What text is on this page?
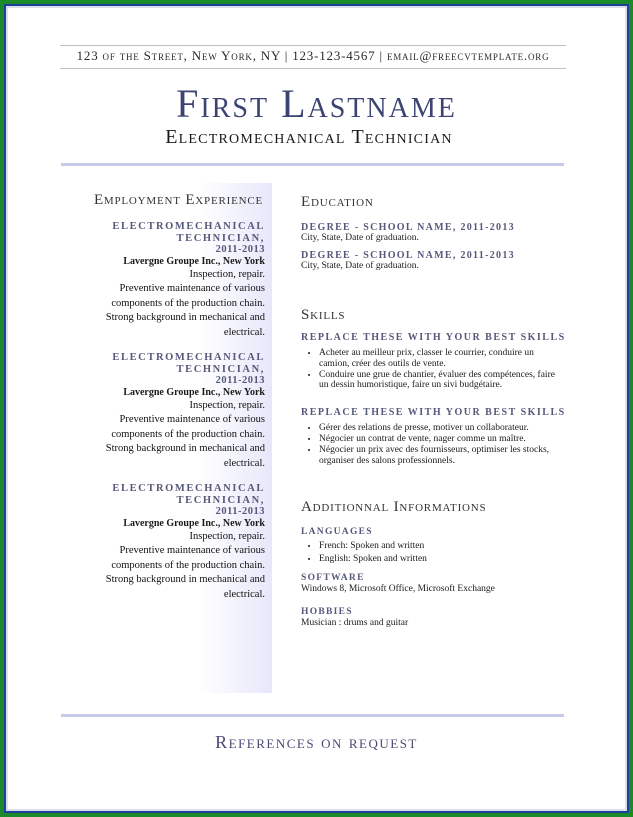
123 of the Street, New York, NY | 123-123-4567 | email@freecvtemplate.org
First Lastname
Electromechanical Technician
Employment Experience
ELECTROMECHANICAL
TECHNICIAN,
2011-2013
Lavergne Groupe Inc., New York
Inspection, repair.
Preventive maintenance of various
components of the production chain.
Strong background in mechanical and
electrical.
ELECTROMECHANICAL
TECHNICIAN,
2011-2013
Lavergne Groupe Inc., New York
Inspection, repair.
Preventive maintenance of various
components of the production chain.
Strong background in mechanical and
electrical.
ELECTROMECHANICAL
TECHNICIAN,
2011-2013
Lavergne Groupe Inc., New York
Inspection, repair.
Preventive maintenance of various
components of the production chain.
Strong background in mechanical and
electrical.
Education
DEGREE - SCHOOL NAME, 2011-2013
City, State, Date of graduation.
DEGREE - SCHOOL NAME, 2011-2013
City, State, Date of graduation.
Skills
REPLACE THESE WITH YOUR BEST SKILLS
• Acheter au meilleur prix, classer le courrier, conduire un camion, créer des outils de vente.
• Conduire une grue de chantier, évaluer des compétences, faire un dessin humoristique, faire un sivi budgétaire.
REPLACE THESE WITH YOUR BEST SKILLS
• Gérer des relations de presse, motiver un collaborateur.
• Négocier un contrat de vente, nager comme un maître.
• Négocier un prix avec des fournisseurs, optimiser les stocks, organiser des salons professionnels.
Additionnal Informations
LANGUAGES
• French: Spoken and written
• English: Spoken and written
SOFTWARE
Windows 8, Microsoft Office, Microsoft Exchange
HOBBIES
Musician : drums and guitar
References on request
